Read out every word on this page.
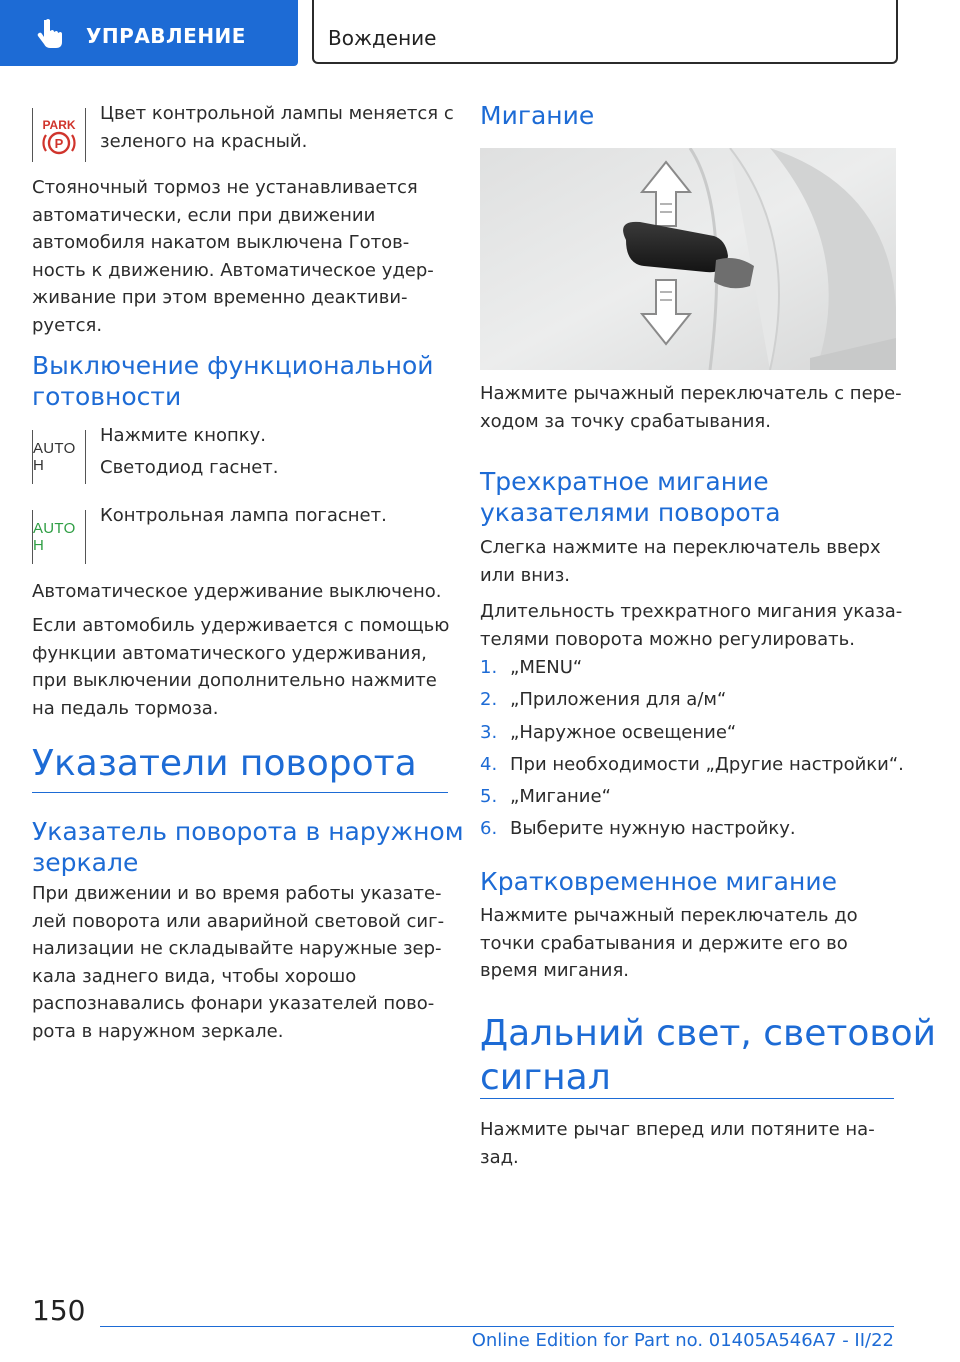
УПРАВЛЕНИЕ	Вождение
PARK
P

Цвет контрольной лампы меняется с
зеленого на красный.

Стояночный тормоз не устанавливается
автоматически, если при движении
автомобиля накатом выключена Готов-
ность к движению. Автоматическое удер-
живание при этом временно деактиви-
руется.

Выключение функциональной
готовности
AUTO H

Нажмите кнопку.

Светодиод гаснет.

AUTO H

Контрольная лампа погаснет.

Автоматическое удерживание выключено.

Если автомобиль удерживается с помощью
функции автоматического удерживания,
при выключении дополнительно нажмите
на педаль тормоза.

Указатели поворота
Указатель поворота в наружном
зеркале

При движении и во время работы указате-
лей поворота или аварийной световой сиг-
нализации не складывайте наружные зер-
кала заднего вида, чтобы хорошо
распознавались фонари указателей пово-
рота в наружном зеркале.

Мигание

Нажмите рычажный переключатель с пере-
ходом за точку срабатывания.

Трехкратное мигание
указателями поворота

Слегка нажмите на переключатель вверх
или вниз.

Длительность трехкратного мигания указа-
телями поворота можно регулировать.

1. „MENU“
2. „Приложения для а/м“
3. „Наружное освещение“
4. При необходимости „Другие настройки“.
5. „Мигание“
6. Выберите нужную настройку.
Кратковременное мигание

Нажмите рычажный переключатель до
точки срабатывания и держите его во
время мигания.

Дальний свет, световой
сигнал

Нажмите рычаг вперед или потяните на-
зад.

150
Online Edition for Part no. 01405A546A7 - II/22
